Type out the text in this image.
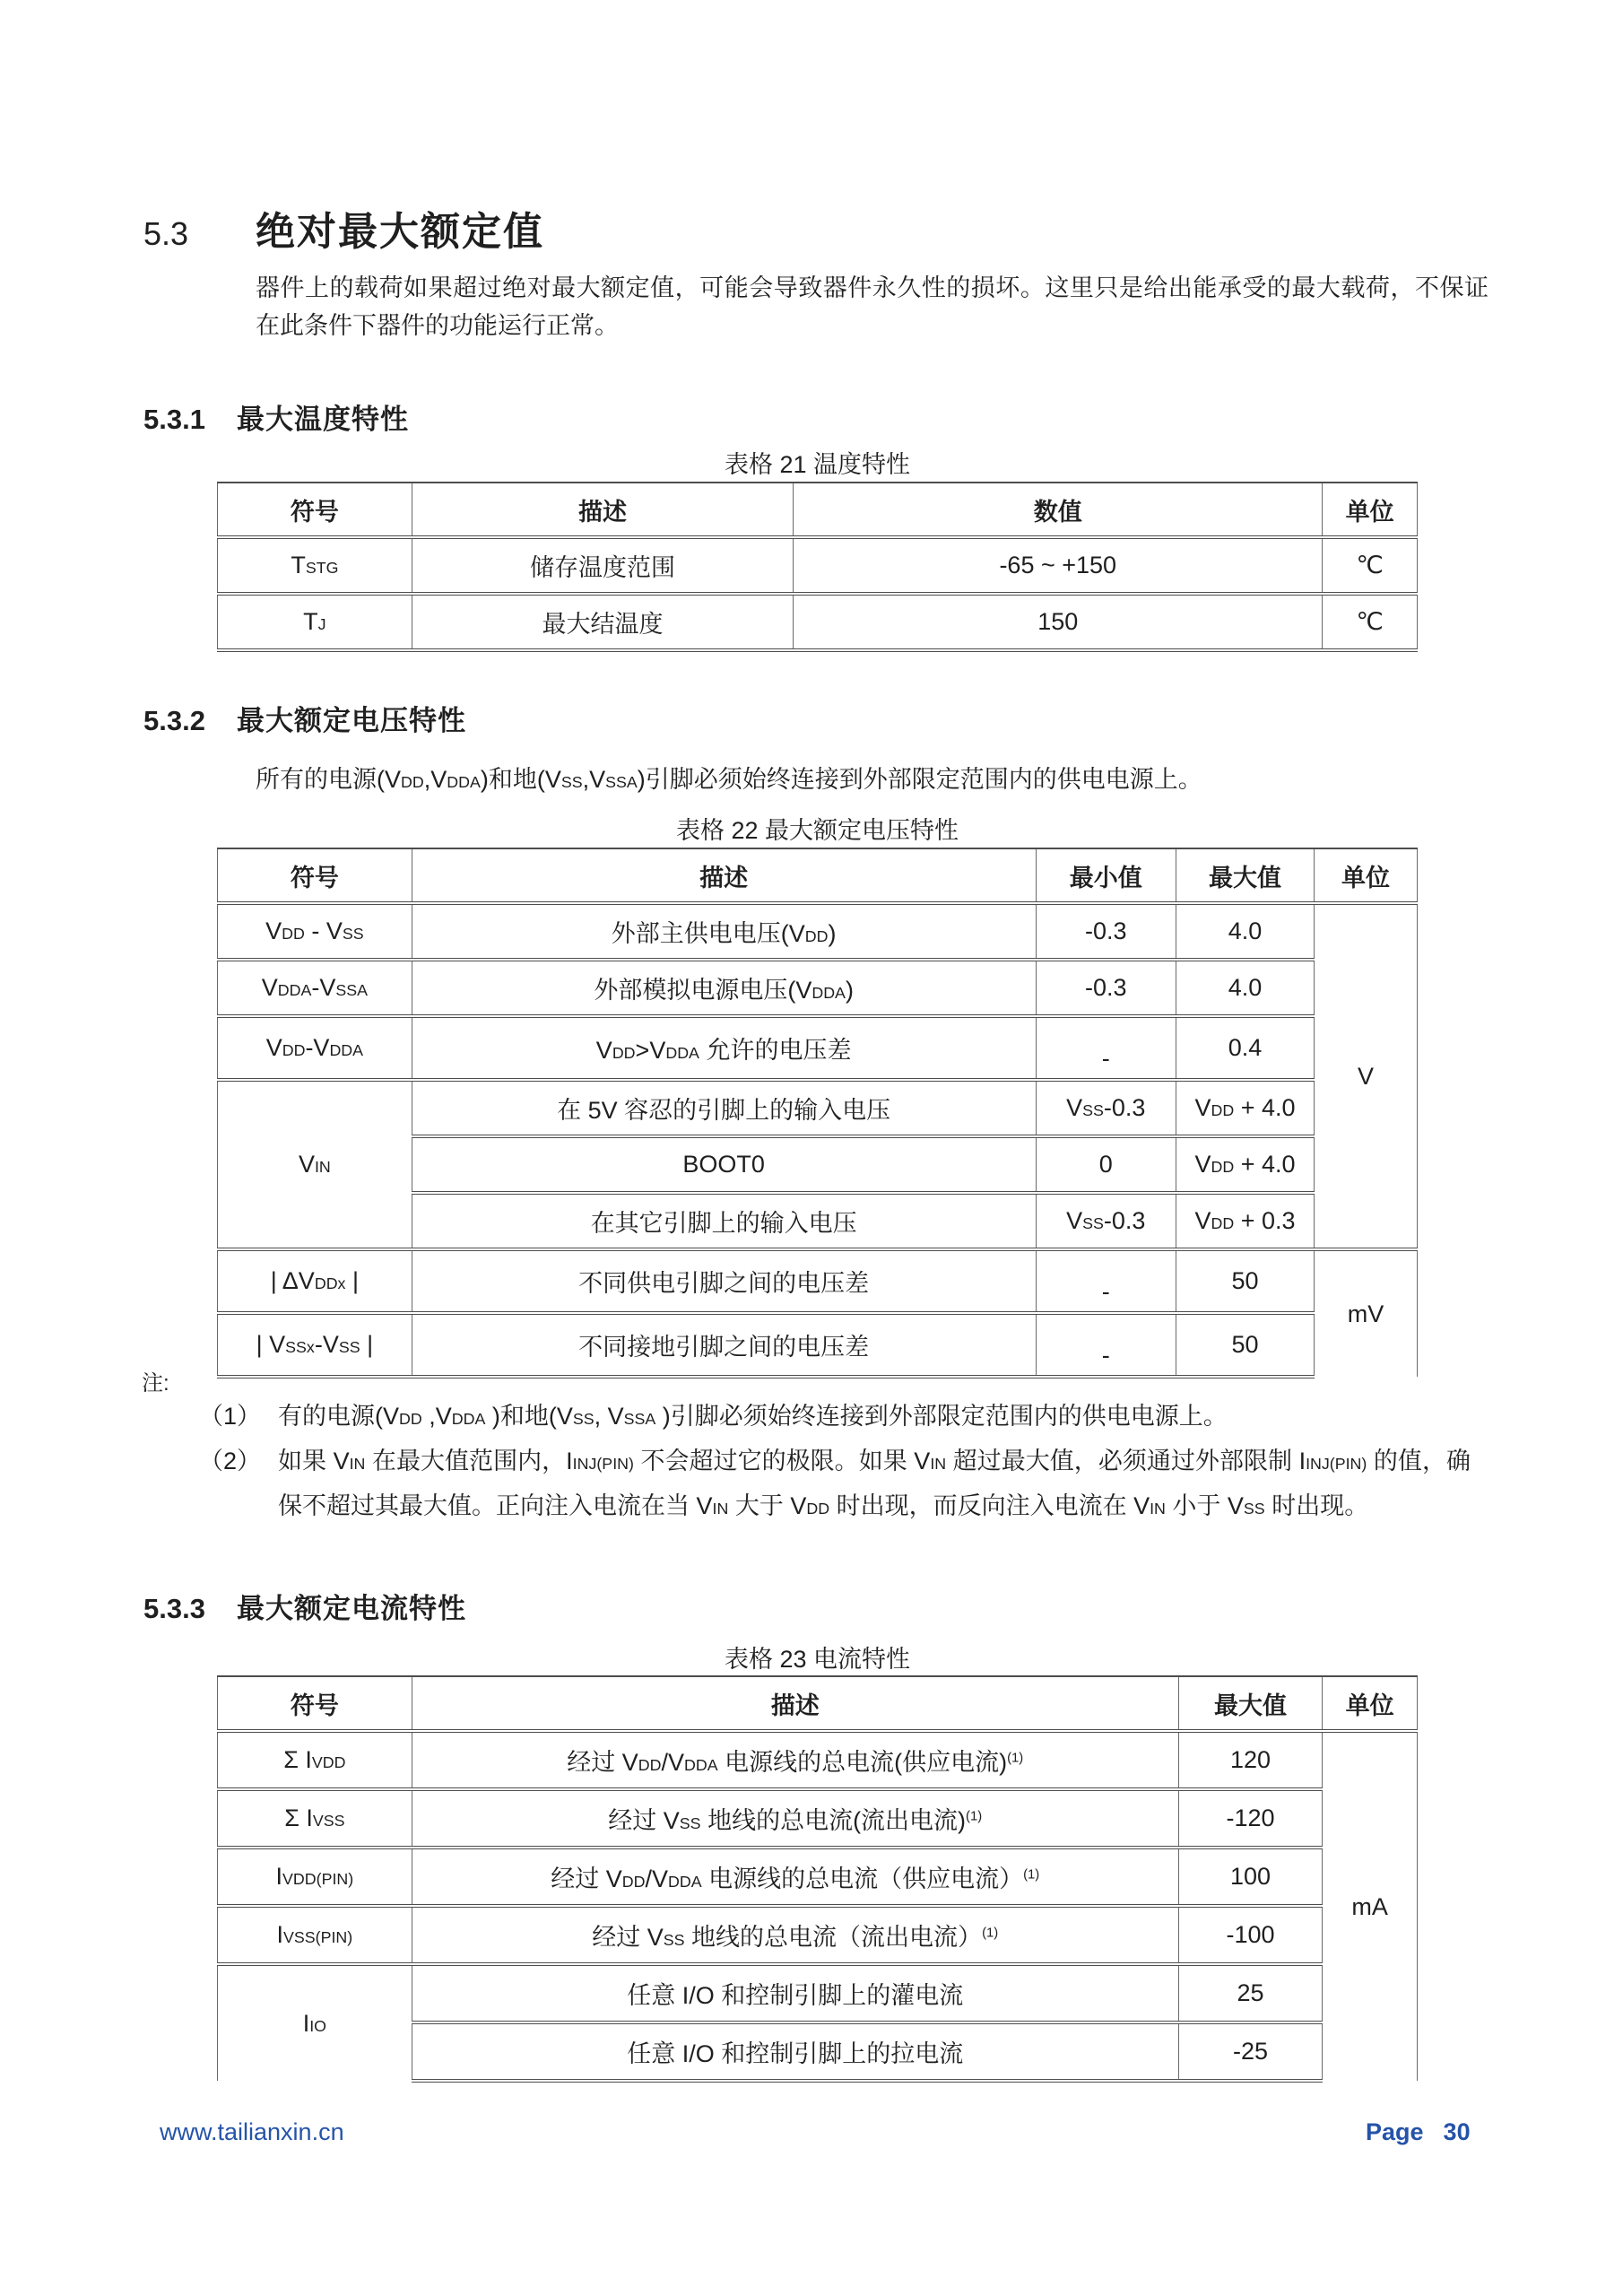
5.3	绝对最大额定值
器件上的载荷如果超过绝对最大额定值，可能会导致器件永久性的损坏。这里只是给出能承受的最大载荷，不保证在此条件下器件的功能运行正常。
5.3.1	最大温度特性
表格 21 温度特性
符号	描述	数值	单位
TSTG	储存温度范围	-65 ~ +150	℃
TJ	最大结温度	150	℃
5.3.2	最大额定电压特性
所有的电源(VDD,VDDA)和地(VSS,VSSA)引脚必须始终连接到外部限定范围内的供电电源上。
表格 22 最大额定电压特性
符号	描述	最小值	最大值	单位
VDD - VSS	外部主供电电压(VDD)	-0.3	4.0	V
VDDA-VSSA	外部模拟电源电压(VDDA)	-0.3	4.0	
VDD-VDDA	VDD>VDDA 允许的电压差	-	0.4	
VIN	在 5V 容忍的引脚上的输入电压	VSS-0.3	VDD + 4.0	
	BOOT0	0	VDD + 4.0	
	在其它引脚上的输入电压	VSS-0.3	VDD + 0.3	
| ΔVDDx |	不同供电引脚之间的电压差	-	50	mV
| VSSx-VSS |	不同接地引脚之间的电压差	-	50	
注:
（1） 有的电源(VDD ,VDDA )和地(VSS, VSSA )引脚必须始终连接到外部限定范围内的供电电源上。
（2） 如果 VIN 在最大值范围内，IINJ(PIN) 不会超过它的极限。如果 VIN 超过最大值，必须通过外部限制 IINJ(PIN) 的值，确保不超过其最大值。正向注入电流在当 VIN 大于 VDD 时出现，而反向注入电流在 VIN 小于 VSS 时出现。
5.3.3	最大额定电流特性
表格 23 电流特性
符号	描述	最大值	单位
Σ IVDD	经过 VDD/VDDA 电源线的总电流(供应电流)$^{(1)}$	120	mA
Σ IVSS	经过 VSS 地线的总电流(流出电流)$^{(1)}$	-120	
IVDD(PIN)	经过 VDD/VDDA 电源线的总电流（供应电流）$^{(1)}$	100	
IVSS(PIN)	经过 VSS 地线的总电流（流出电流）$^{(1)}$	-100	
IIO	任意 I/O 和控制引脚上的灌电流	25	
	任意 I/O 和控制引脚上的拉电流	-25	
www.tailianxin.cn	Page 30
